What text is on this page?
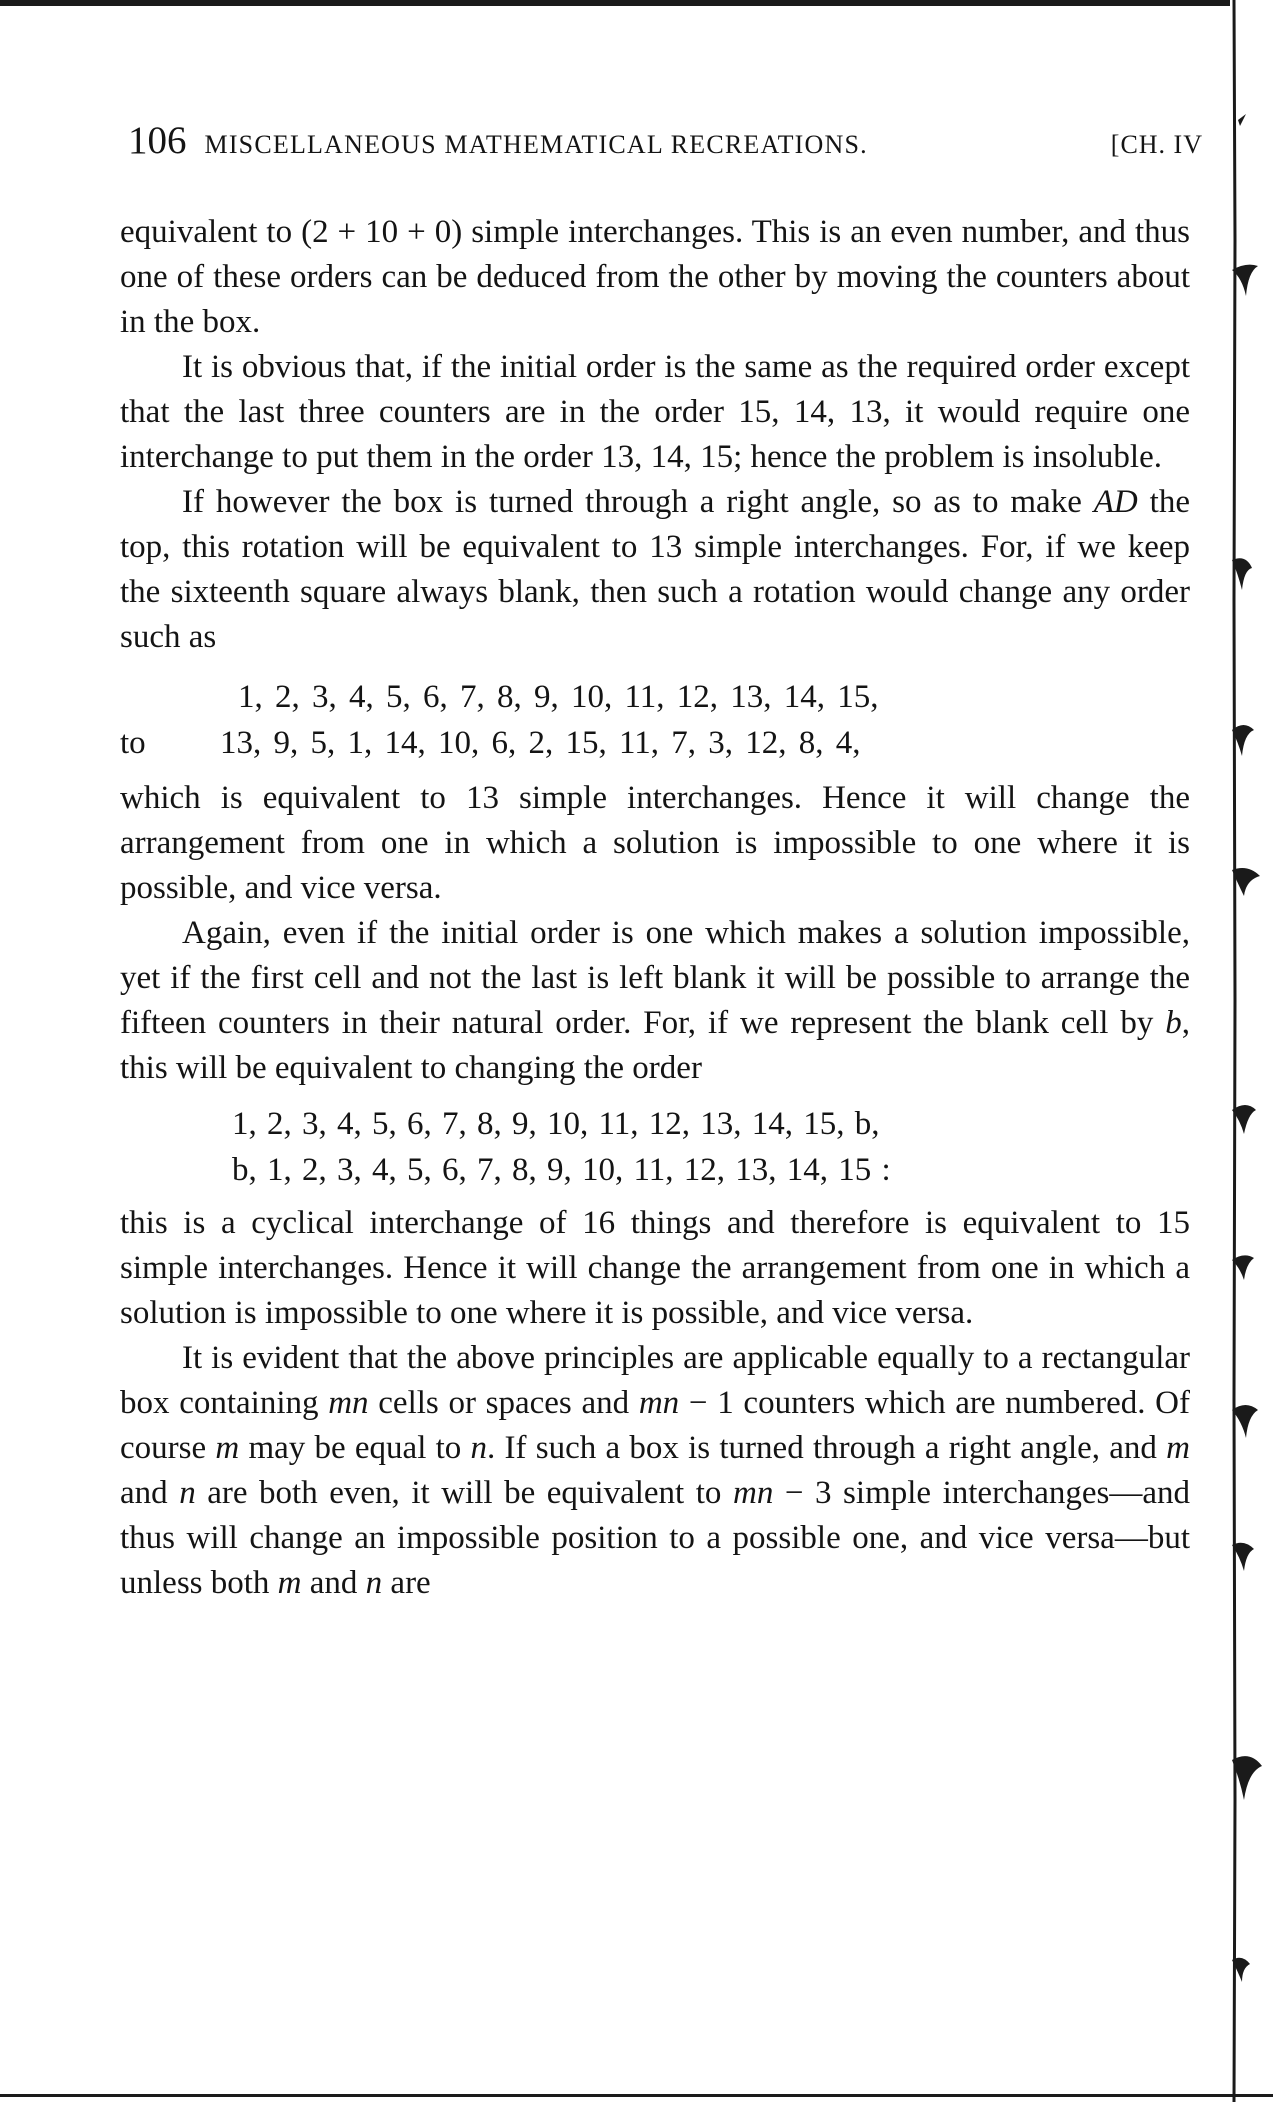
106 MISCELLANEOUS MATHEMATICAL RECREATIONS.	[CH. IV

equivalent to (2 + 10 + 0) simple interchanges. This is an even number, and thus one of these orders can be deduced from the other by moving the counters about in the box.

It is obvious that, if the initial order is the same as the required order except that the last three counters are in the order 15, 14, 13, it would require one interchange to put them in the order 13, 14, 15; hence the problem is insoluble.

If however the box is turned through a right angle, so as to make AD the top, this rotation will be equivalent to 13 simple interchanges. For, if we keep the sixteenth square always blank, then such a rotation would change any order such as

1, 2, 3, 4, 5, 6, 7, 8, 9, 10, 11, 12, 13, 14, 15,
to	13, 9, 5, 1, 14, 10, 6, 2, 15, 11, 7, 3, 12, 8, 4,

which is equivalent to 13 simple interchanges. Hence it will change the arrangement from one in which a solution is impossible to one where it is possible, and vice versa.

Again, even if the initial order is one which makes a solution impossible, yet if the first cell and not the last is left blank it will be possible to arrange the fifteen counters in their natural order. For, if we represent the blank cell by b, this will be equivalent to changing the order

1, 2, 3, 4, 5, 6, 7, 8, 9, 10, 11, 12, 13, 14, 15, b,
b, 1, 2, 3, 4, 5, 6, 7, 8, 9, 10, 11, 12, 13, 14, 15 :

this is a cyclical interchange of 16 things and therefore is equivalent to 15 simple interchanges. Hence it will change the arrangement from one in which a solution is impossible to one where it is possible, and vice versa.

It is evident that the above principles are applicable equally to a rectangular box containing mn cells or spaces and mn − 1 counters which are numbered. Of course m may be equal to n. If such a box is turned through a right angle, and m and n are both even, it will be equivalent to mn − 3 simple interchanges—and thus will change an impossible position to a possible one, and vice versa—but unless both m and n are
